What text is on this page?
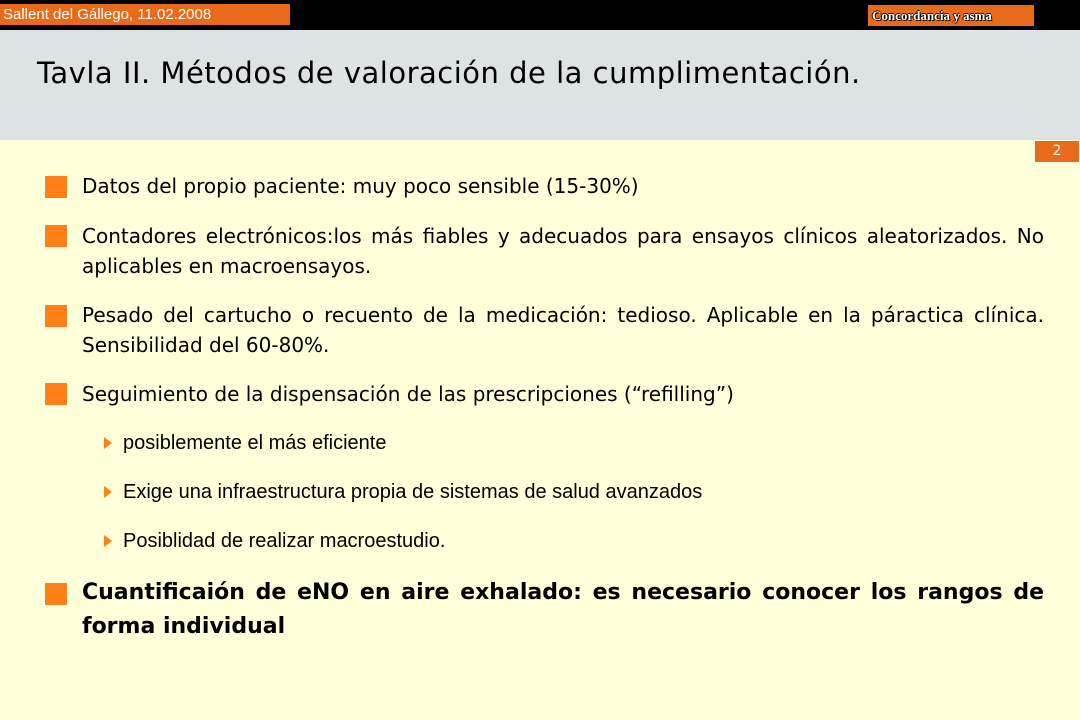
Sallent del Gállego, 11.02.2008	Concordancia y asma
Tavla II. Métodos de valoración de la cumplimentación.
2
Datos del propio paciente: muy poco sensible (15-30%)
Contadores electrónicos:los más fiables y adecuados para ensayos clínicos aleatorizados. No aplicables en macroensayos.
Pesado del cartucho o recuento de la medicación: tedioso. Aplicable en la páractica clínica. Sensibilidad del 60-80%.
Seguimiento de la dispensación de las prescripciones (“refilling”)
posiblemente el más eficiente
Exige una infraestructura propia de sistemas de salud avanzados
Posiblidad de realizar macroestudio.
Cuantificaión de eNO en aire exhalado: es necesario conocer los rangos de forma individual
